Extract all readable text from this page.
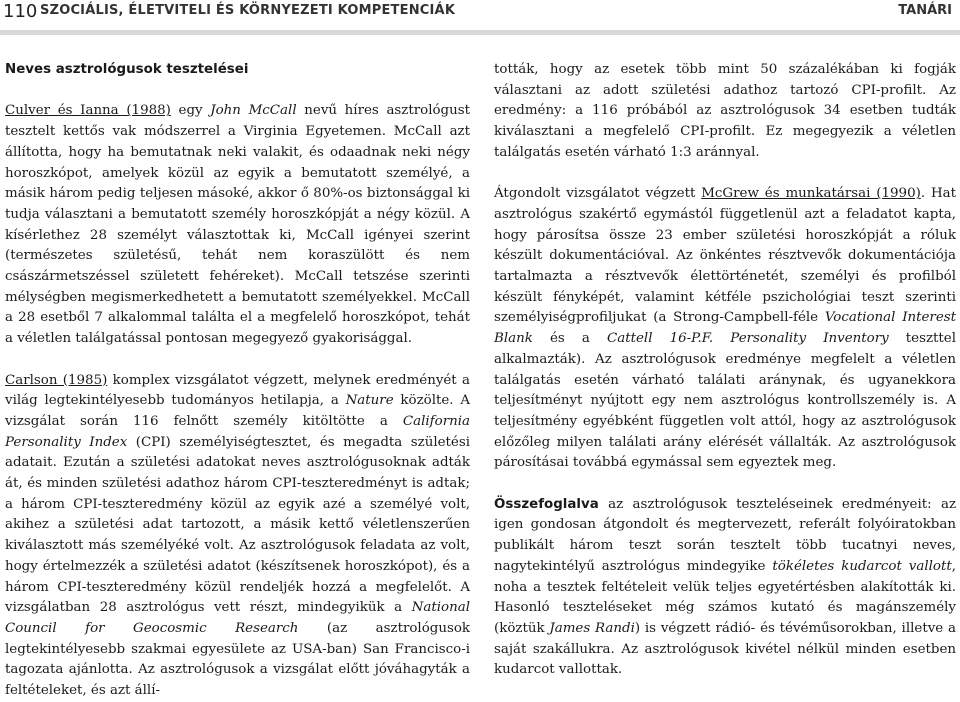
110 SZOCIÁLIS, ÉLETVITELI ÉS KÖRNYEZETI KOMPETENCIÁK	TANÁRI
Neves asztrológusok tesztelései

Culver és Ianna (1988) egy John McCall nevű híres asztrológust tesztelt kettős vak módszerrel a Virginia Egyetemen. McCall azt állította, hogy ha bemutatnak neki valakit, és odaadnak neki négy horoszkópot, amelyek közül az egyik a bemutatott személyé, a másik három pedig teljesen másoké, akkor ő 80%-os biztonsággal ki tudja választani a bemutatott személy horoszkópját a négy közül. A kísérlethez 28 személyt választottak ki, McCall igényei szerint (természetes születésű, tehát nem koraszülött és nem császármetszéssel született fehéreket). McCall tetszése szerinti mélységben megismerkedhetett a bemutatott személyekkel. McCall a 28 esetből 7 alkalommal találta el a megfelelő horoszkópot, tehát a véletlen találgatással pontosan megegyező gyakorisággal.

Carlson (1985) komplex vizsgálatot végzett, melynek eredményét a világ legtekintélyesebb tudományos hetilapja, a Nature közölte. A vizsgálat során 116 felnőtt személy kitöltötte a California Personality Index (CPI) személyiségtesztet, és megadta születési adatait. Ezután a születési adatokat neves asztrológusoknak adták át, és minden születési adathoz három CPI-teszteredményt is adtak; a három CPI-teszteredmény közül az egyik azé a személyé volt, akihez a születési adat tartozott, a másik kettő véletlenszerűen kiválasztott más személyéké volt. Az asztrológusok feladata az volt, hogy értelmezzék a születési adatot (készítsenek horoszkópot), és a három CPI-teszteredmény közül rendeljék hozzá a megfelelőt. A vizsgálatban 28 asztrológus vett részt, mindegyikük a National Council for Geocosmic Research (az asztrológusok legtekintélyesebb szakmai egyesülete az USA-ban) San Francisco-i tagozata ajánlotta. Az asztrológusok a vizsgálat előtt jóváhagyták a feltételeket, és azt állí-

tották, hogy az esetek több mint 50 százalékában ki fogják választani az adott születési adathoz tartozó CPI-profilt. Az eredmény: a 116 próbából az asztrológusok 34 esetben tudták kiválasztani a megfelelő CPI-profilt. Ez megegyezik a véletlen találgatás esetén várható 1:3 aránnyal.

Átgondolt vizsgálatot végzett McGrew és munkatársai (1990). Hat asztrológus szakértő egymástól függetlenül azt a feladatot kapta, hogy párosítsa össze 23 ember születési horoszkópját a róluk készült dokumentációval. Az önkéntes résztvevők dokumentációja tartalmazta a résztvevők élettörténetét, személyi és profilból készült fényképét, valamint kétféle pszichológiai teszt szerinti személyiségprofiljukat (a Strong-Campbell-féle Vocational Interest Blank és a Cattell 16-P.F. Personality Inventory teszttel alkalmazták). Az asztrológusok eredménye megfelelt a véletlen találgatás esetén várható találati aránynak, és ugyanekkora teljesítményt nyújtott egy nem asztrológus kontrollszemély is. A teljesítmény egyébként független volt attól, hogy az asztrológusok előzőleg milyen találati arány elérését vállalták. Az asztrológusok párosításai továbbá egymással sem egyeztek meg.

Összefoglalva az asztrológusok teszteléseinek eredményeit: az igen gondosan átgondolt és megtervezett, referált folyóiratokban publikált három teszt során tesztelt több tucatnyi neves, nagytekintélyű asztrológus mindegyike tökéletes kudarcot vallott, noha a tesztek feltételeit velük teljes egyetértésben alakították ki. Hasonló teszteléseket még számos kutató és magánszemély (köztük James Randi) is végzett rádió- és tévéműsorokban, illetve a saját szakállukra. Az asztrológusok kivétel nélkül minden esetben kudarcot vallottak.
